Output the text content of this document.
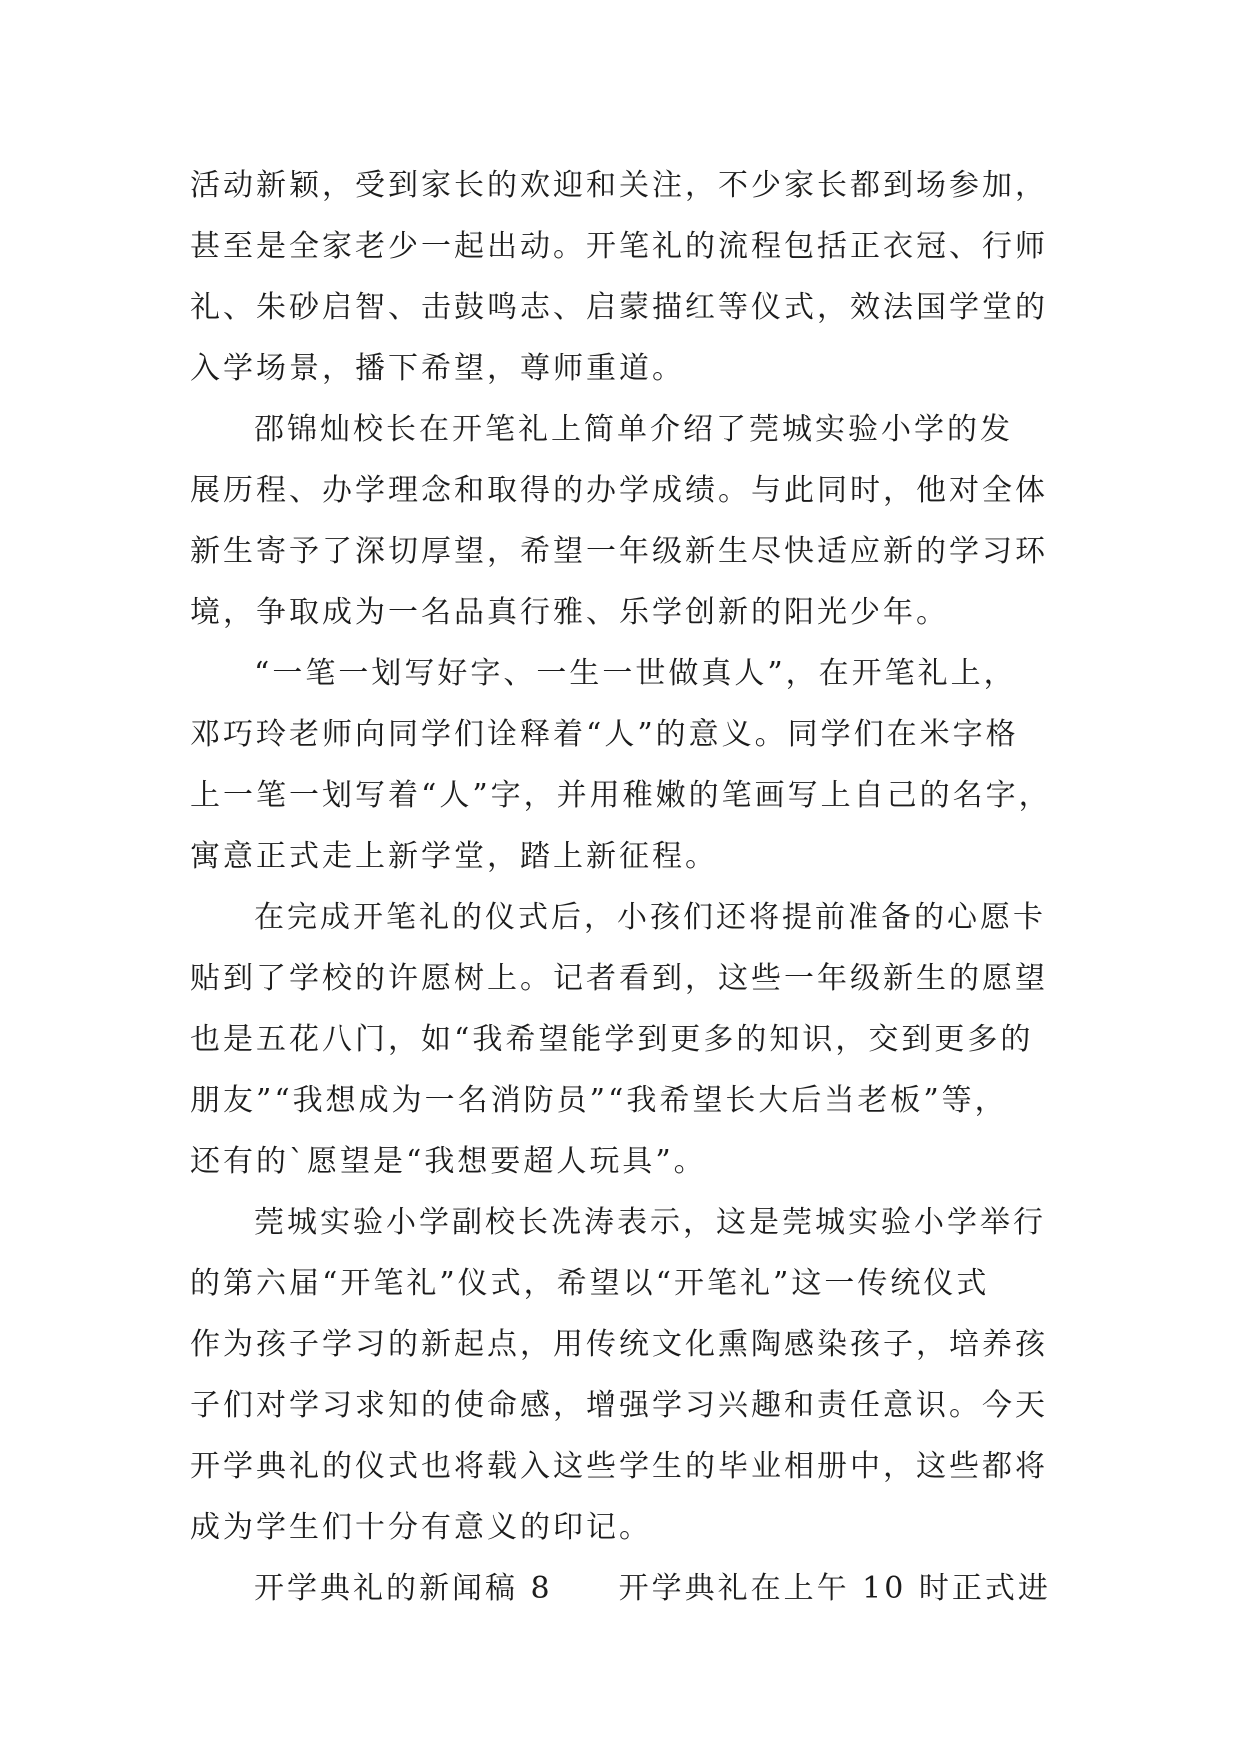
活动新颖，受到家长的欢迎和关注，不少家长都到场参加，
甚至是全家老少一起出动。开笔礼的流程包括正衣冠、行师
礼、朱砂启智、击鼓鸣志、启蒙描红等仪式，效法国学堂的
入学场景，播下希望，尊师重道。
邵锦灿校长在开笔礼上简单介绍了莞城实验小学的发
展历程、办学理念和取得的办学成绩。与此同时，他对全体
新生寄予了深切厚望，希望一年级新生尽快适应新的学习环
境，争取成为一名品真行雅、乐学创新的阳光少年。
“一笔一划写好字、一生一世做真人”，在开笔礼上，
邓巧玲老师向同学们诠释着“人”的意义。同学们在米字格
上一笔一划写着“人”字，并用稚嫩的笔画写上自己的名字，
寓意正式走上新学堂，踏上新征程。
在完成开笔礼的仪式后，小孩们还将提前准备的心愿卡
贴到了学校的许愿树上。记者看到，这些一年级新生的愿望
也是五花八门，如“我希望能学到更多的知识，交到更多的
朋友”“我想成为一名消防员”“我希望长大后当老板”等，
还有的`愿望是“我想要超人玩具”。
莞城实验小学副校长冼涛表示，这是莞城实验小学举行
的第六届“开笔礼”仪式，希望以“开笔礼”这一传统仪式
作为孩子学习的新起点，用传统文化熏陶感染孩子，培养孩
子们对学习求知的使命感，增强学习兴趣和责任意识。今天
开学典礼的仪式也将载入这些学生的毕业相册中，这些都将
成为学生们十分有意义的印记。
开学典礼的新闻稿 8　　开学典礼在上午 10 时正式进
